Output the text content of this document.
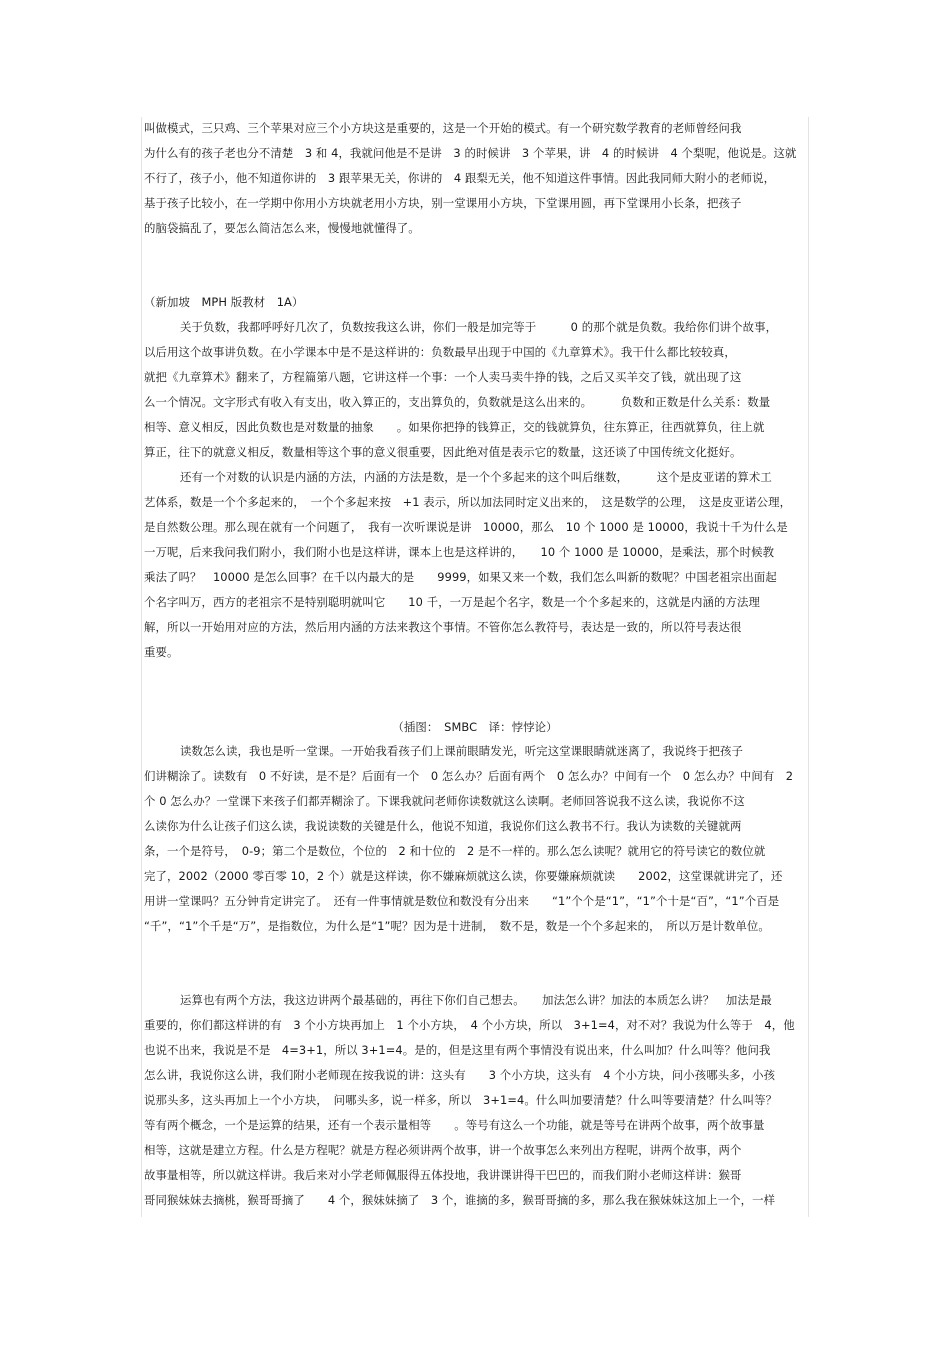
叫做模式，三只鸡、三个苹果对应三个小方块这是重要的，这是一个开始的模式。有一个研究数学教育的老师曾经问我
为什么有的孩子老也分不清楚　3 和 4，我就问他是不是讲　3 的时候讲　3 个苹果，讲　4 的时候讲　4 个梨呢，他说是。这就
不行了，孩子小，他不知道你讲的　3 跟苹果无关，你讲的　4 跟梨无关，他不知道这件事情。因此我同师大附小的老师说，
基于孩子比较小，在一学期中你用小方块就老用小方块，别一堂课用小方块，下堂课用圆，再下堂课用小长条，把孩子
的脑袋搞乱了，要怎么简洁怎么来，慢慢地就懂得了。
（新加坡　MPH 版教材　1A）
关于负数，我都呼呼好几次了，负数按我这么讲，你们一般是加完等于　　　0 的那个就是负数。我给你们讲个故事，
以后用这个故事讲负数。在小学课本中是不是这样讲的：负数最早出现于中国的《九章算术》。我干什么都比较较真，
就把《九章算术》翻来了，方程篇第八题，它讲这样一个事：一个人卖马卖牛挣的钱，之后又买羊交了钱，就出现了这
么一个情况。文字形式有收入有支出，收入算正的，支出算负的，负数就是这么出来的。　　　负数和正数是什么关系：数量
相等、意义相反，因此负数也是对数量的抽象　　。如果你把挣的钱算正，交的钱就算负，往东算正，往西就算负，往上就
算正，往下的就意义相反，数量相等这个事的意义很重要，因此绝对值是表示它的数量，这还谈了中国传统文化挺好。
还有一个对数的认识是内涵的方法，内涵的方法是数，是一个个多起来的这个叫后继数，　　　这个是皮亚诺的算术工
艺体系，数是一个个多起来的，　一个个多起来按　+1 表示，所以加法同时定义出来的，　这是数学的公理，　这是皮亚诺公理，
是自然数公理。那么现在就有一个问题了，　我有一次听课说是讲　10000，那么　10 个 1000 是 10000，我说十千为什么是
一万呢，后来我问我们附小，我们附小也是这样讲，课本上也是这样讲的，　　10 个 1000 是 10000，是乘法，那个时候教
乘法了吗？　10000 是怎么回事？在千以内最大的是　　9999，如果又来一个数，我们怎么叫新的数呢？中国老祖宗出面起
个名字叫万，西方的老祖宗不是特别聪明就叫它　　10 千，一万是起个名字，数是一个个多起来的，这就是内涵的方法理
解，所以一开始用对应的方法，然后用内涵的方法来教这个事情。不管你怎么教符号，表达是一致的，所以符号表达很
重要。
（插图：　SMBC　译：悖悖论）
读数怎么读，我也是听一堂课。一开始我看孩子们上课前眼睛发光，听完这堂课眼睛就迷离了，我说终于把孩子
们讲糊涂了。读数有　0 不好读，是不是？后面有一个　0 怎么办？后面有两个　0 怎么办？中间有一个　0 怎么办？中间有　2
个 0 怎么办？一堂课下来孩子们都弄糊涂了。下课我就问老师你读数就这么读啊。老师回答说我不这么读，我说你不这
么读你为什么让孩子们这么读，我说读数的关键是什么，他说不知道，我说你们这么教书不行。我认为读数的关键就两
条，一个是符号，　0-9；第二个是数位，个位的　2 和十位的　2 是不一样的。那么怎么读呢？就用它的符号读它的数位就
完了，2002（2000 零百零 10，2 个）就是这样读，你不嫌麻烦就这么读，你要嫌麻烦就读　　2002，这堂课就讲完了，还
用讲一堂课吗？五分钟肯定讲完了。　还有一件事情就是数位和数没有分出来　　“1”个个是“1”，“1”个十是“百”，“1”个百是
“千”，“1”个千是“万”，是指数位，为什么是“1”呢？因为是十进制，　数不是，数是一个个多起来的，　所以万是计数单位。
运算也有两个方法，我这边讲两个最基础的，再往下你们自己想去。　　加法怎么讲？加法的本质怎么讲？　加法是最
重要的，你们都这样讲的有　3 个小方块再加上　1 个小方块，　4 个小方块，所以　3+1=4，对不对？我说为什么等于　4，他
也说不出来，我说是不是　4=3+1，所以 3+1=4。是的，但是这里有两个事情没有说出来，什么叫加？什么叫等？他问我
怎么讲，我说你这么讲，我们附小老师现在按我说的讲：这头有　　3 个小方块，这头有　4 个小方块，问小孩哪头多，小孩
说那头多，这头再加上一个小方块，　问哪头多，说一样多，所以　3+1=4。什么叫加要清楚？什么叫等要清楚？什么叫等？
等有两个概念，一个是运算的结果，还有一个表示量相等　　。等号有这么一个功能，就是等号在讲两个故事，两个故事量
相等，这就是建立方程。什么是方程呢？就是方程必须讲两个故事，讲一个故事怎么来列出方程呢，讲两个故事，两个
故事量相等，所以就这样讲。我后来对小学老师佩服得五体投地，我讲课讲得干巴巴的，而我们附小老师这样讲：猴哥
哥同猴妹妹去摘桃，猴哥哥摘了　　4 个，猴妹妹摘了　3 个，谁摘的多，猴哥哥摘的多，那么我在猴妹妹这加上一个，一样
